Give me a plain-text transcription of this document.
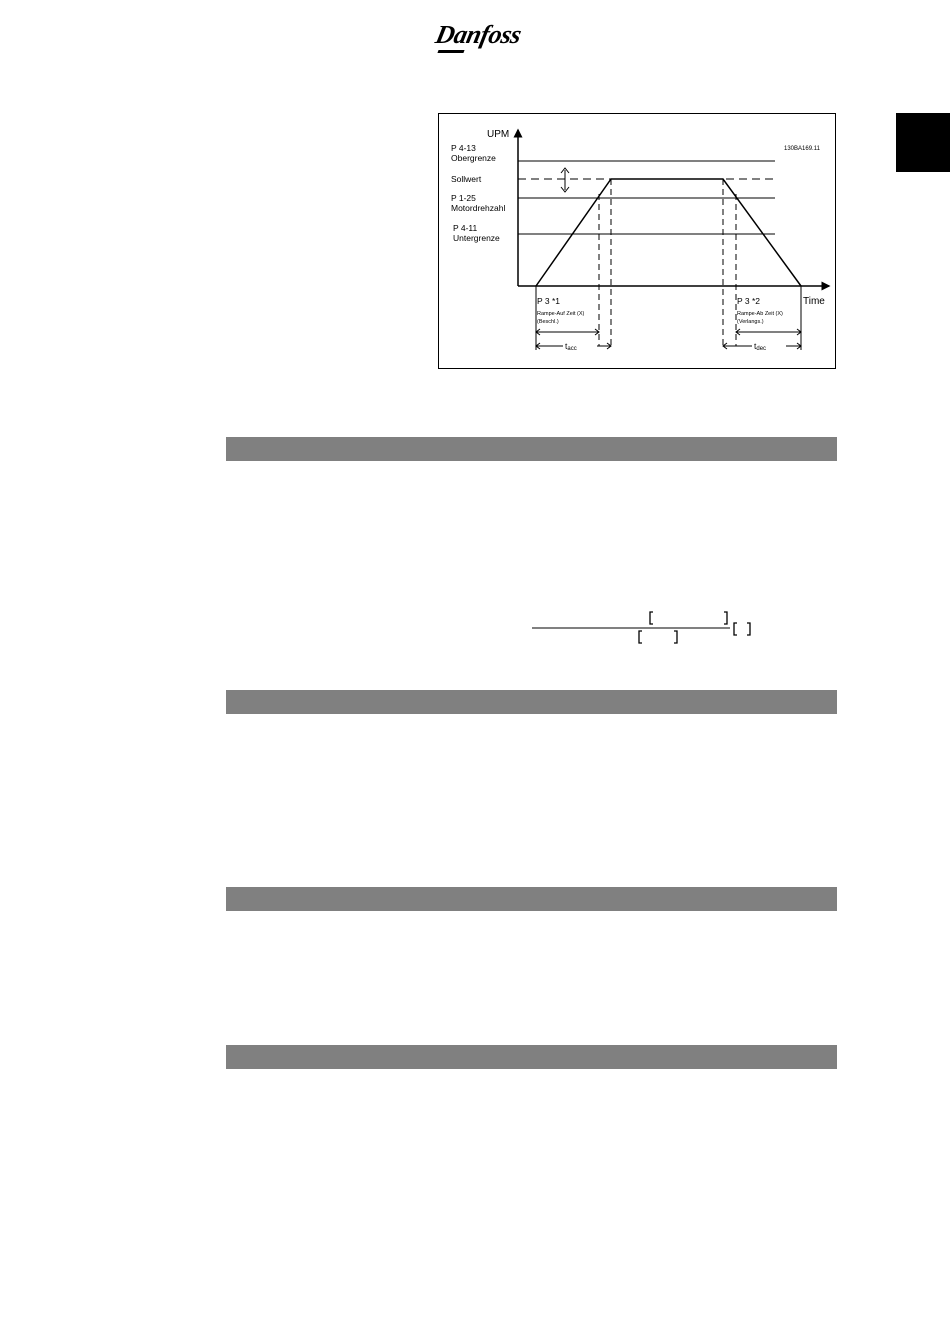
Danfoss
UPM
Time
130BA169.11
P 4-13
Obergrenze
Sollwert
P 1-25
Motordrehzahl
P 4-11
Untergrenze
P 3 *1
Rampe-Auf Zeit (X)
(Beschl.)
tacc
P 3 *2
Rampe-Ab Zeit (X)
(Verlangs.)
tdec
